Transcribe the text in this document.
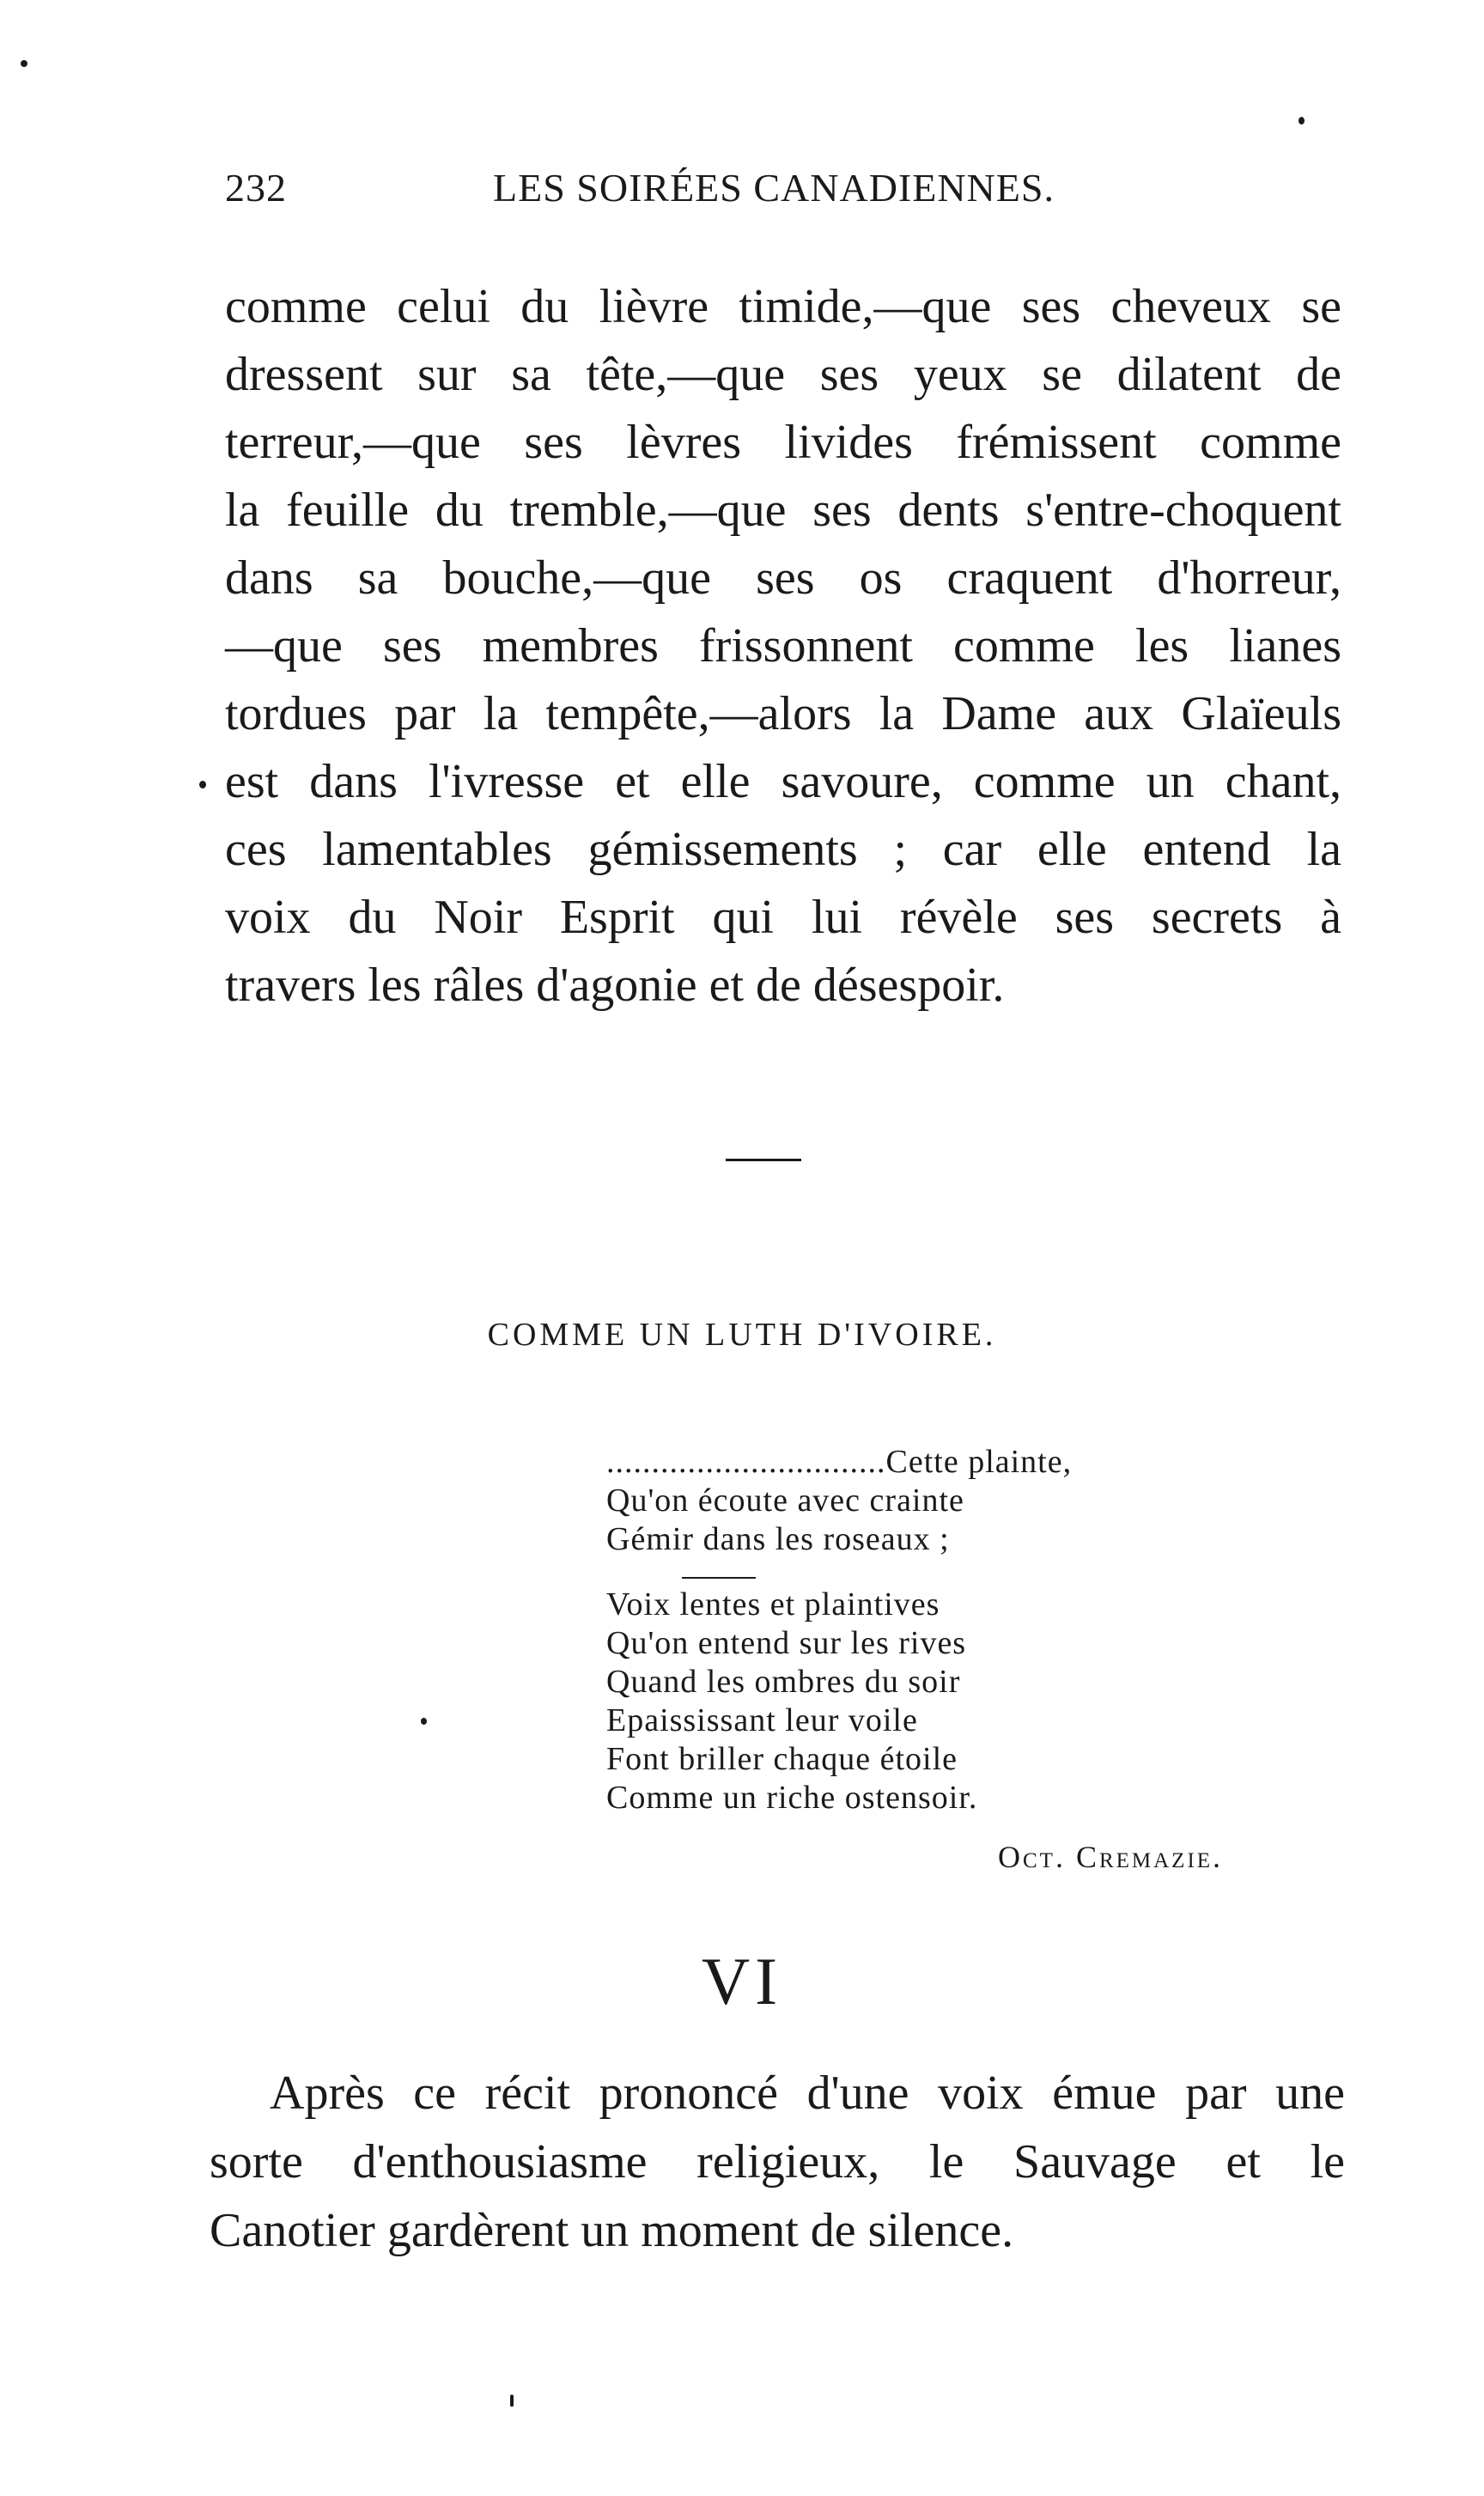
232	LES SOIRÉES CANADIENNES.
comme celui du lièvre timide,—que ses cheveux se
dressent sur sa tête,—que ses yeux se dilatent de
terreur,—que ses lèvres livides frémissent comme
la feuille du tremble,—que ses dents s'entre-choquent
dans sa bouche,—que ses os craquent d'horreur,
—que ses membres frissonnent comme les lianes
tordues par la tempête,—alors la Dame aux Glaïeuls
est dans l'ivresse et elle savoure, comme un chant,
ces lamentables gémissements ; car elle entend la
voix du Noir Esprit qui lui révèle ses secrets à
travers les râles d'agonie et de désespoir.
COMME UN LUTH D'IVOIRE.
...............................Cette plainte,
Qu'on écoute avec crainte
Gémir dans les roseaux ;
Voix lentes et plaintives
Qu'on entend sur les rives
Quand les ombres du soir
Epaississant leur voile
Font briller chaque étoile
Comme un riche ostensoir.
Oct. Cremazie.
VI
Après ce récit prononcé d'une voix émue par une
sorte d'enthousiasme religieux, le Sauvage et le
Canotier gardèrent un moment de silence.
